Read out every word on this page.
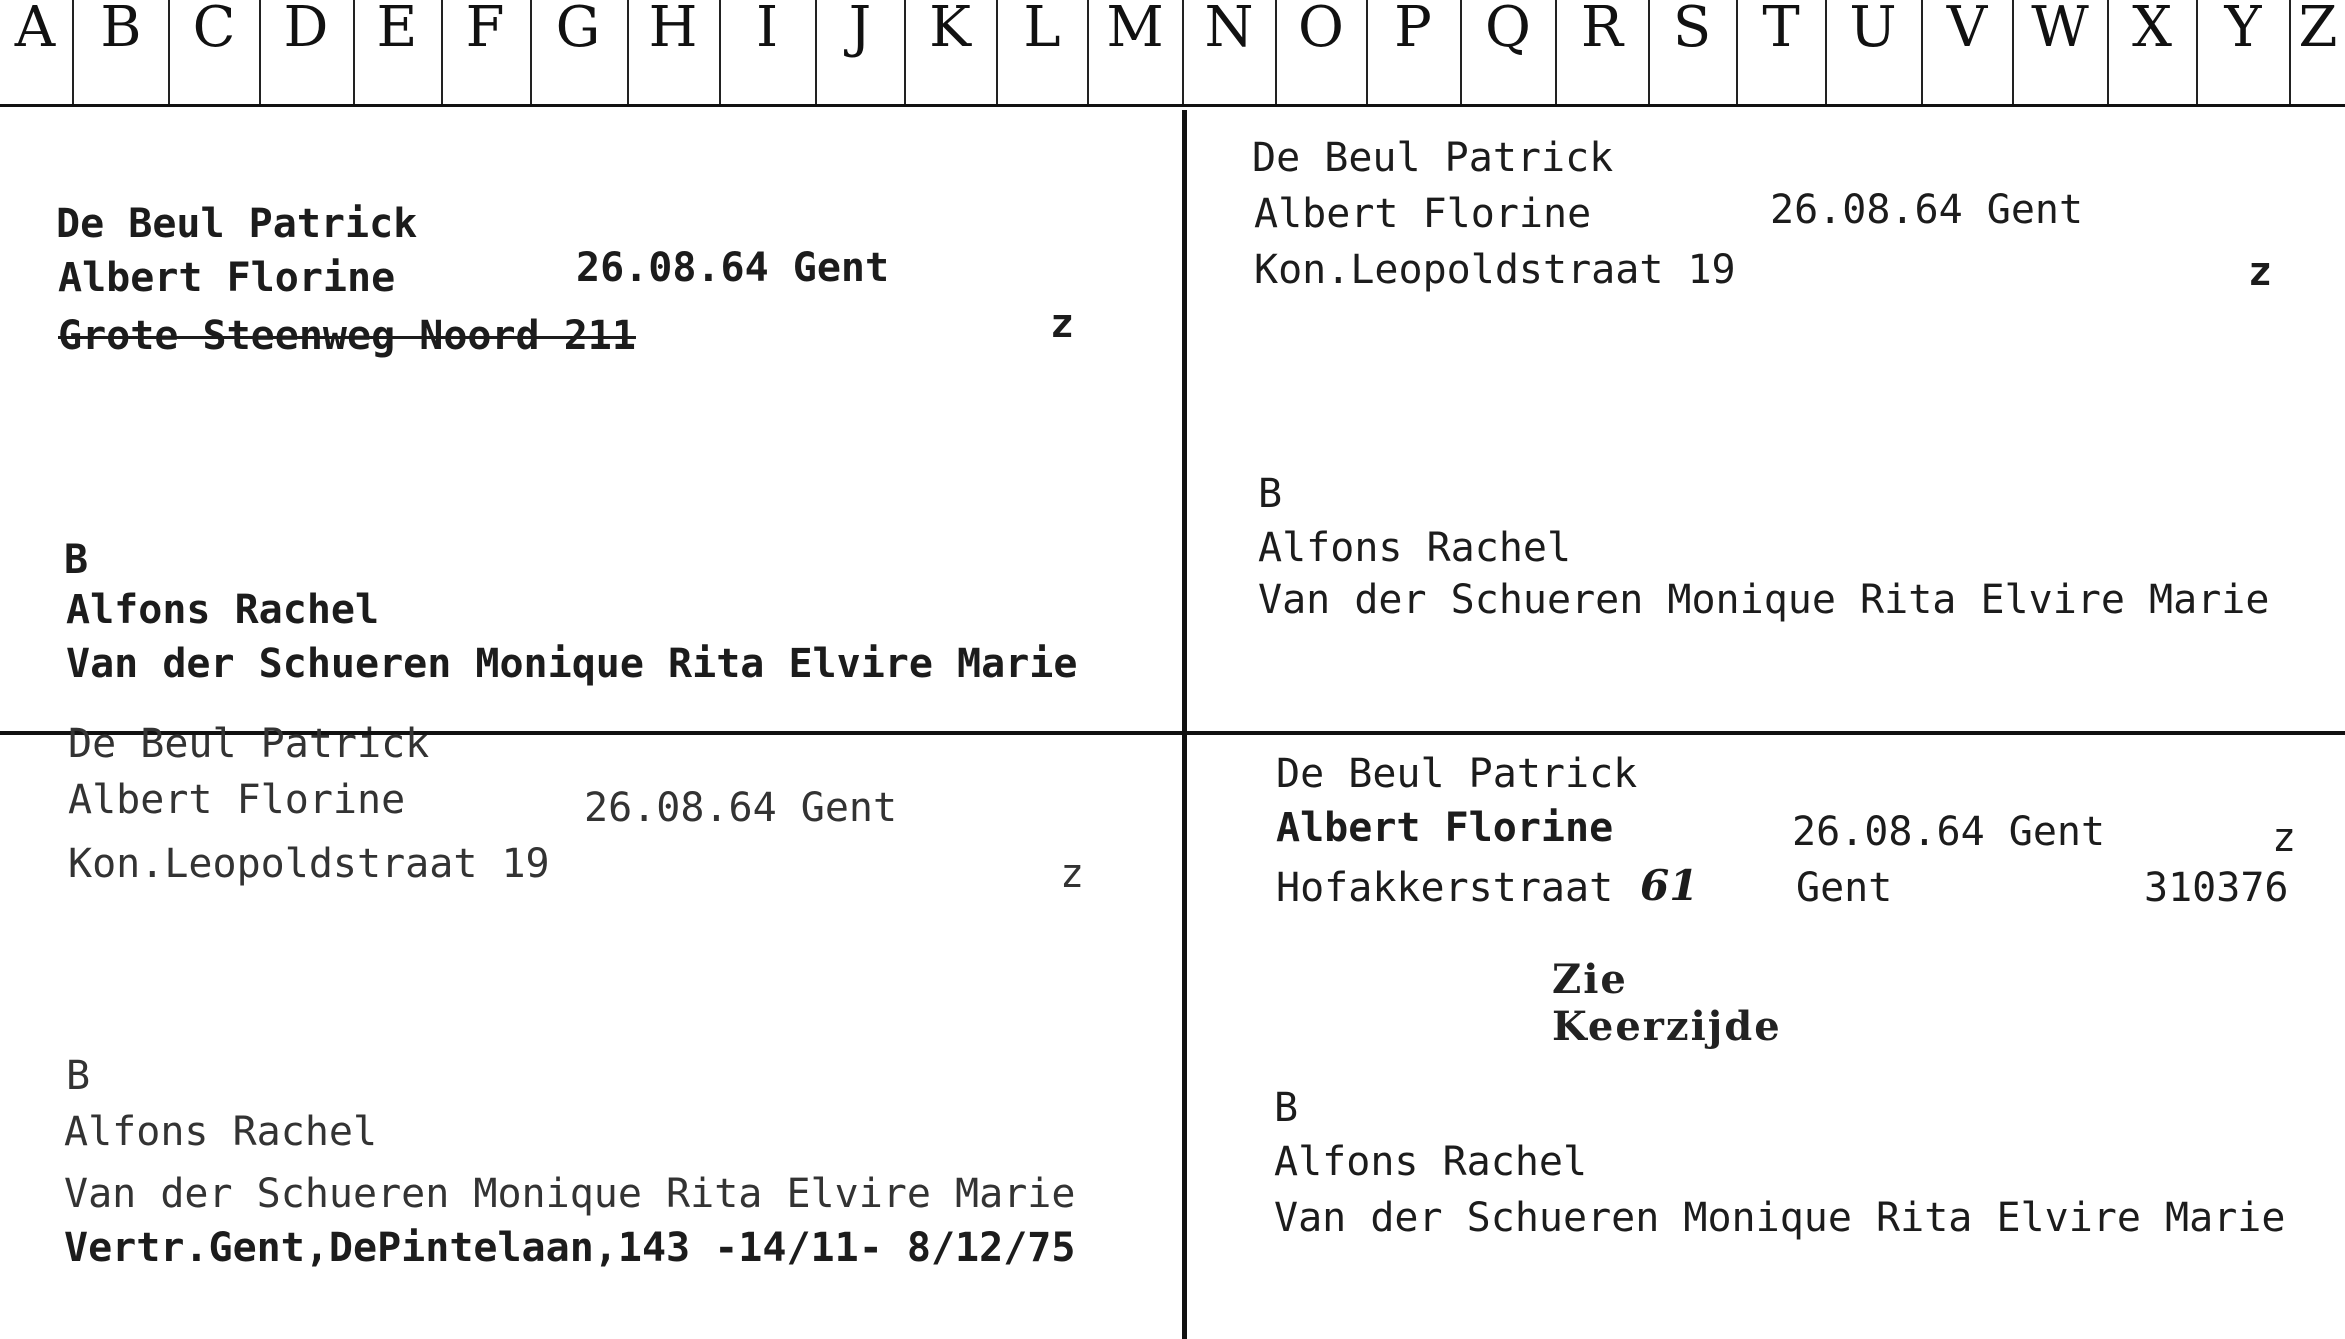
A B C D E F G H	I	J	K L M N O P Q R S T U V W X Y Z
De Beul Patrick
Albert Florine	26.08.64 Gent
Grote Steenweg Noord 211	z
B
Alfons Rachel
Van der Schueren Monique Rita Elvire Marie
De Beul Patrick
Albert Florine	26.08.64 Gent
Kon.Leopoldstraat 19	z
B
Alfons Rachel
Van der Schueren Monique Rita Elvire Marie
De Beul Patrick
Albert Florine	26.08.64 Gent
Kon.Leopoldstraat 19	z
B
Alfons Rachel
Van der Schueren Monique Rita Elvire Marie
Vertr.Gent,DePintelaan,143 -14/11- 8/12/75
De Beul Patrick
Albert Florine	26.08.64 Gent	z
Hofakkerstraat 61 Gent	310376
Zie Keerzijde
B
Alfons Rachel
Van der Schueren Monique Rita Elvire Marie
